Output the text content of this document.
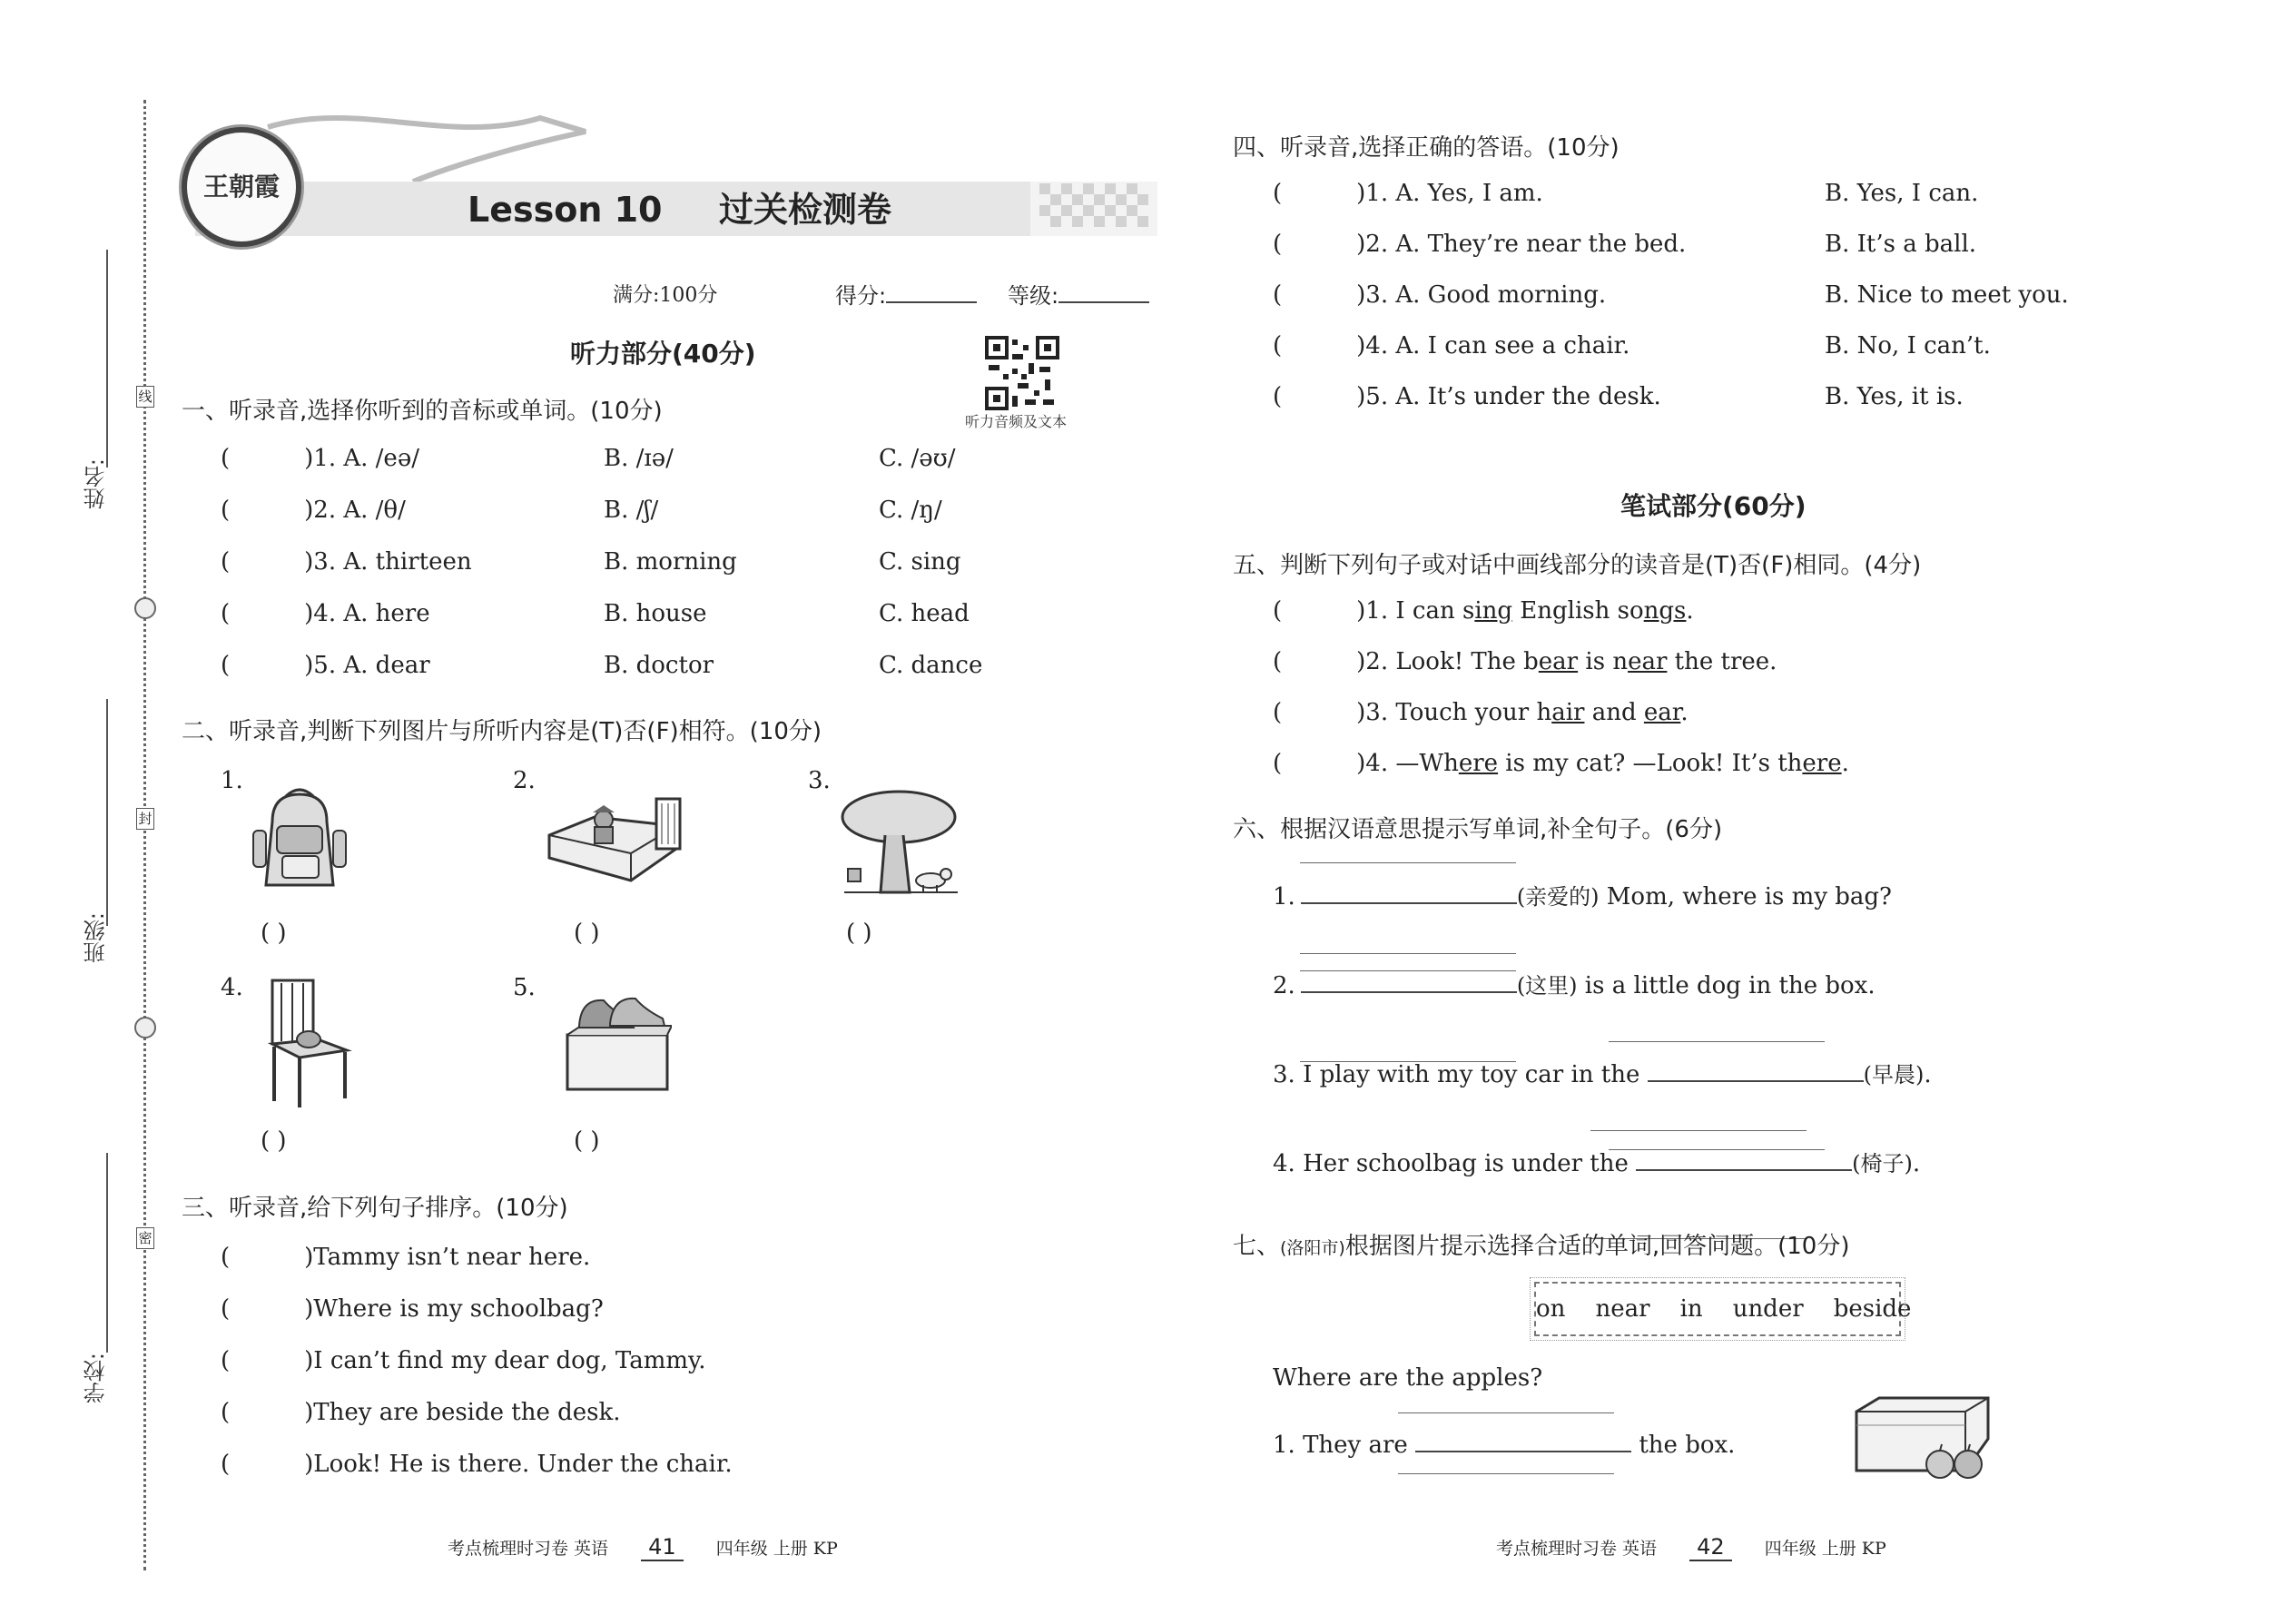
姓名:
班级:
学校:
线
封
密
王朝霞
Lesson 10 过关检测卷
满分:100分	得分:	等级:
听力部分(40分)
听力音频及文本
一、听录音,选择你听到的音标或单词。(10分)
(	)1. A. /eə/	B. /ɪə/	C. /əʊ/
(	)2. A. /θ/	B. /ʃ/	C. /ŋ/
(	)3. A. thirteen	B. morning	C. sing
(	)4. A. here	B. house	C. head
(	)5. A. dear	B. doctor	C. dance
二、听录音,判断下列图片与所听内容是(T)否(F)相符。(10分)
1.
( )
2.
( )
3.
( )
4.
( )
5.
( )
三、听录音,给下列句子排序。(10分)
(	)Tammy isn’t near here.
(	)Where is my schoolbag?
(	)I can’t find my dear dog, Tammy.
(	)They are beside the desk.
(	)Look! He is there. Under the chair.
考点梳理时习卷 英语 41 四年级 上册 KP
四、听录音,选择正确的答语。(10分)
(	)1. A. Yes, I am.	B. Yes, I can.
(	)2. A. They’re near the bed.	B. It’s a ball.
(	)3. A. Good morning.	B. Nice to meet you.
(	)4. A. I can see a chair.	B. No, I can’t.
(	)5. A. It’s under the desk.	B. Yes, it is.
笔试部分(60分)
五、判断下列句子或对话中画线部分的读音是(T)否(F)相同。(4分)
(	)1. I can sing English songs.
(	)2. Look! The bear is near the tree.
(	)3. Touch your hair and ear.
(	)4. —Where is my cat? —Look! It’s there.
六、根据汉语意思提示写单词,补全句子。(6分)
1.	(亲爱的) Mom, where is my bag?
2.	(这里) is a little dog in the box.
3. I play with my toy car in the	(早晨).
4. Her schoolbag is under the	(椅子).
七、(洛阳市)根据图片提示选择合适的单词,回答问题。(10分)
on    near    in    under    beside
Where are the apples?
1. They are	the box.
考点梳理时习卷 英语 42 四年级 上册 KP
